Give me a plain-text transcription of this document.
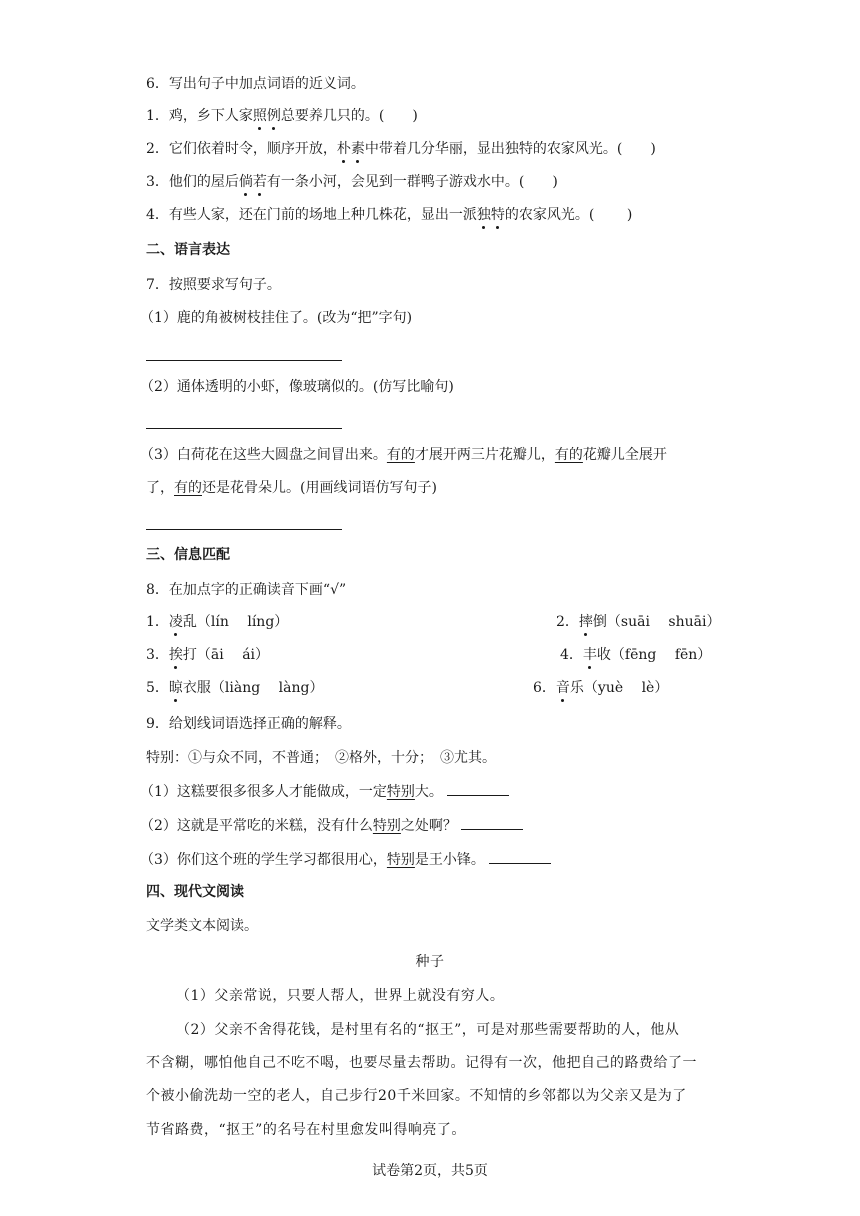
6．写出句子中加点词语的近义词。
1．鸡，乡下人家照例总要养几只的。(　　)
2．它们依着时令，顺序开放，朴素中带着几分华丽，显出独特的农家风光。(　　)
3．他们的屋后倘若有一条小河，会见到一群鸭子游戏水中。(　　)
4．有些人家，还在门前的场地上种几株花，显出一派独特的农家风光。(　　 )
二、语言表达
7．按照要求写句子。
（1）鹿的角被树枝挂住了。(改为“把”字句)
（2）通体透明的小虾，像玻璃似的。(仿写比喻句)
（3）白荷花在这些大圆盘之间冒出来。有的才展开两三片花瓣儿，有的花瓣儿全展开
了，有的还是花骨朵儿。(用画线词语仿写句子)
三、信息匹配
8．在加点字的正确读音下画“√”
1．凌乱（lín　 líng）	2．摔倒（suāi　 shuāi）
3．挨打（āi　 ái）	4．丰收（fēng　 fēn）
5．晾衣服（liàng　 làng）	6．音乐（yuè　 lè）
9．给划线词语选择正确的解释。
特别：①与众不同，不普通；　②格外，十分；　③尤其。
（1）这糕要很多很多人才能做成，一定特别大。
（2）这就是平常吃的米糕，没有什么特别之处啊？
（3）你们这个班的学生学习都很用心，特别是王小锋。
四、现代文阅读
文学类文本阅读。
种子
（1）父亲常说，只要人帮人，世界上就没有穷人。
（2）父亲不舍得花钱，是村里有名的“抠王”，可是对那些需要帮助的人，他从
不含糊，哪怕他自己不吃不喝，也要尽量去帮助。记得有一次，他把自己的路费给了一
个被小偷洗劫一空的老人，自己步行20千米回家。不知情的乡邻都以为父亲又是为了
节省路费，“抠王”的名号在村里愈发叫得响亮了。
试卷第2页，共5页
